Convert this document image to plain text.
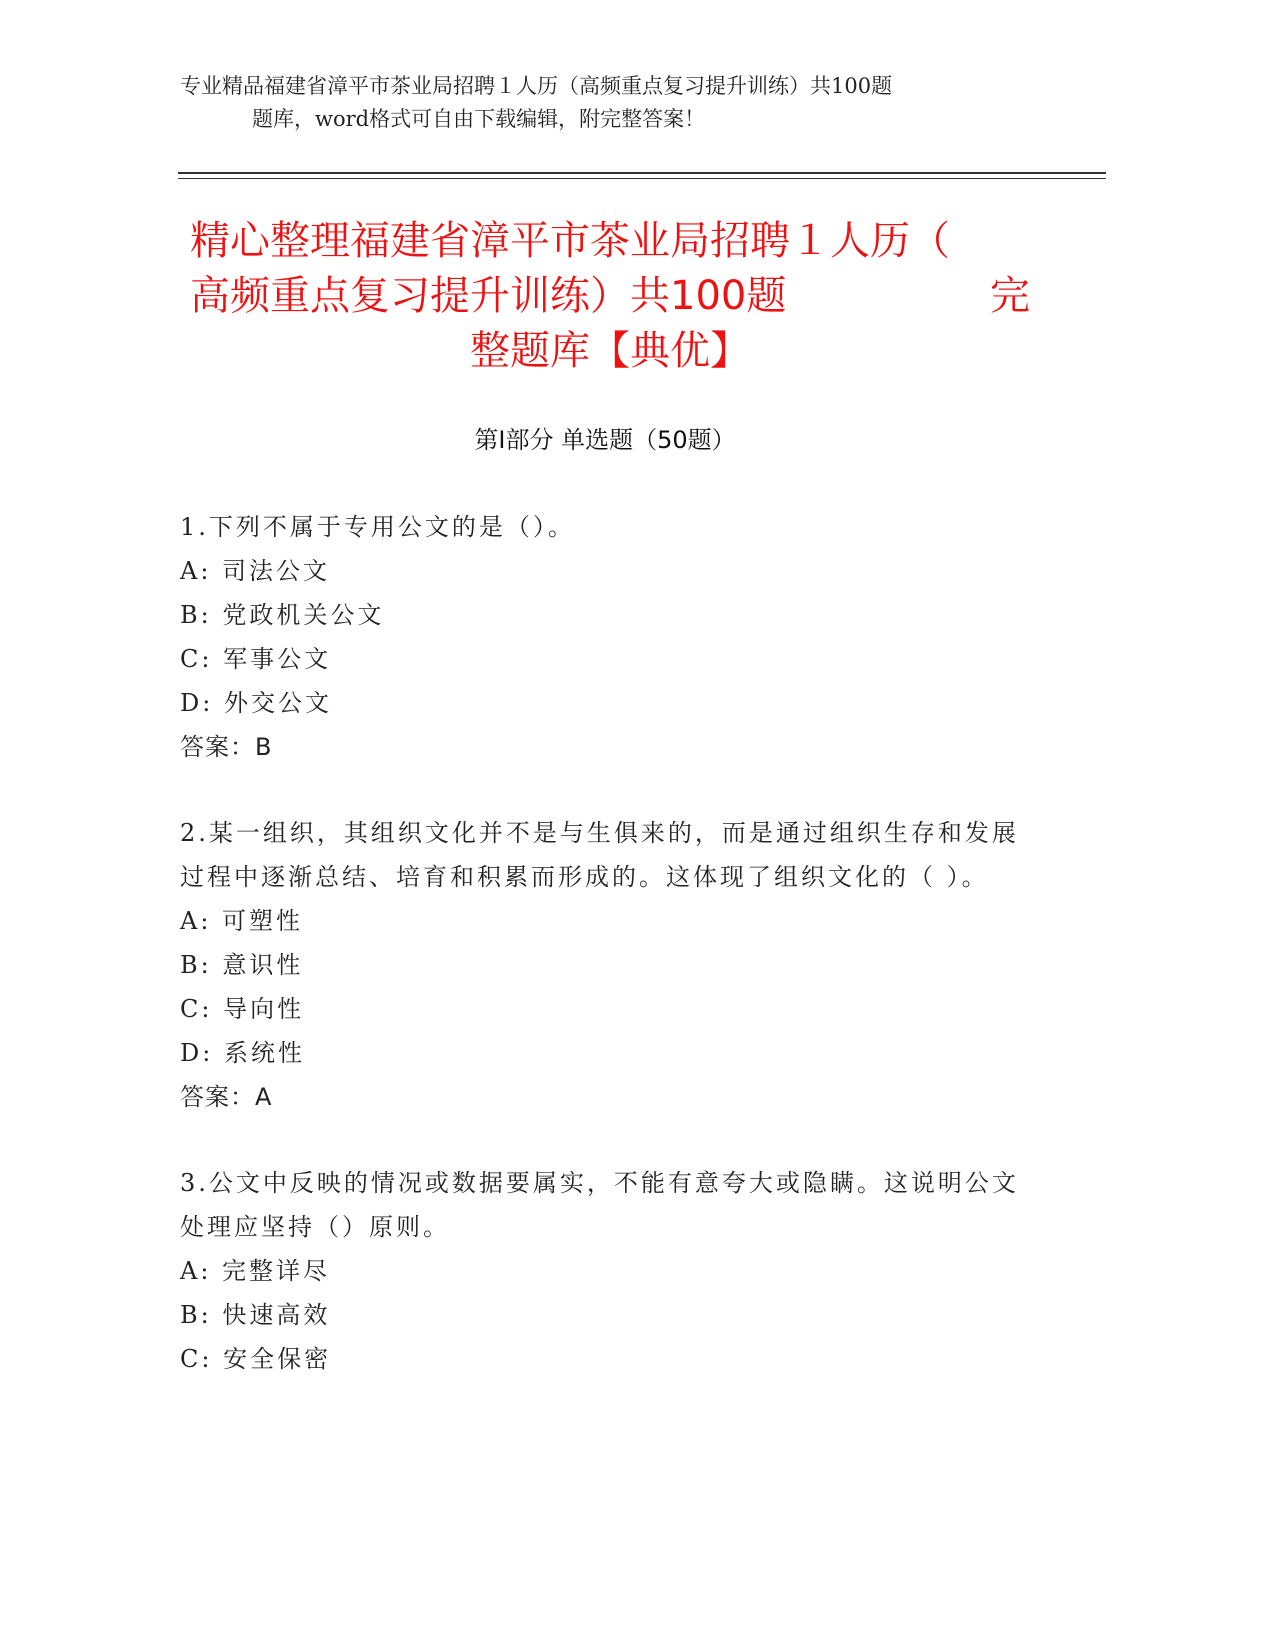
专业精品福建省漳平市茶业局招聘１人历（高频重点复习提升训练）共100题
题库，word格式可自由下载编辑，附完整答案！
精心整理福建省漳平市茶业局招聘１人历（
高频重点复习提升训练）共100题	完
整题库【典优】
第Ⅰ部分 单选题（50题）
1.下列不属于专用公文的是（）。
A: 司法公文
B: 党政机关公文
C: 军事公文
D: 外交公文
答案：B
2.某一组织，其组织文化并不是与生俱来的，而是通过组织生存和发展过程中逐渐总结、培育和积累而形成的。这体现了组织文化的（ ）。
A: 可塑性
B: 意识性
C: 导向性
D: 系统性
答案：A
3.公文中反映的情况或数据要属实，不能有意夸大或隐瞒。这说明公文处理应坚持（）原则。
A: 完整详尽
B: 快速高效
C: 安全保密
